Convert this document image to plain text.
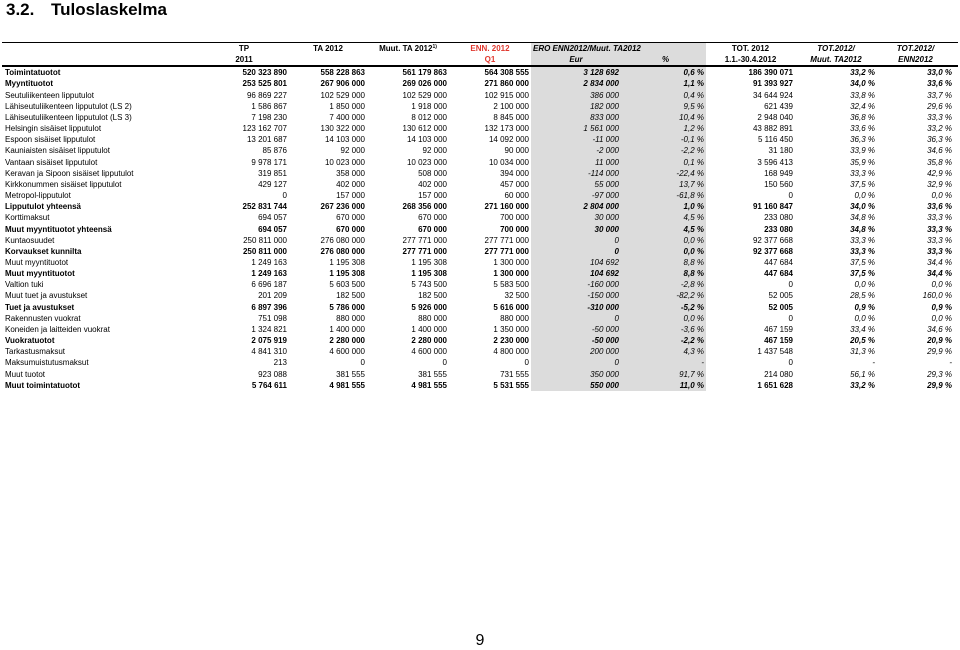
3.2. Tuloslaskelma
	TP	TA 2012	Muut. TA 2012$^{1)}$	ENN. 2012	ERO ENN2012/Muut. TA2012		TOT. 2012	TOT.2012/	TOT.2012/
	2011			Q1	Eur	%	1.1.-30.4.2012	Muut. TA2012	ENN2012
Toimintatuotot	520 323 890	558 228 863	561 179 863	564 308 555	3 128 692	0,6 %	186 390 071	33,2 %	33,0 %
Myyntituotot	253 525 801	267 906 000	269 026 000	271 860 000	2 834 000	1,1 %	91 393 927	34,0 %	33,6 %
Seutuliikenteen lipputulot	96 869 227	102 529 000	102 529 000	102 915 000	386 000	0,4 %	34 644 924	33,8 %	33,7 %
Lähiseutuliikenteen lipputulot (LS 2)	1 586 867	1 850 000	1 918 000	2 100 000	182 000	9,5 %	621 439	32,4 %	29,6 %
Lähiseutuliikenteen lipputulot (LS 3)	7 198 230	7 400 000	8 012 000	8 845 000	833 000	10,4 %	2 948 040	36,8 %	33,3 %
Helsingin sisäiset lipputulot	123 162 707	130 322 000	130 612 000	132 173 000	1 561 000	1,2 %	43 882 891	33,6 %	33,2 %
Espoon sisäiset lipputulot	13 201 687	14 103 000	14 103 000	14 092 000	-11 000	-0,1 %	5 116 450	36,3 %	36,3 %
Kauniaisten sisäiset lipputulot	85 876	92 000	92 000	90 000	-2 000	-2,2 %	31 180	33,9 %	34,6 %
Vantaan sisäiset lipputulot	9 978 171	10 023 000	10 023 000	10 034 000	11 000	0,1 %	3 596 413	35,9 %	35,8 %
Keravan ja Sipoon sisäiset lipputulot	319 851	358 000	508 000	394 000	-114 000	-22,4 %	168 949	33,3 %	42,9 %
Kirkkonummen sisäiset lipputulot	429 127	402 000	402 000	457 000	55 000	13,7 %	150 560	37,5 %	32,9 %
Metropol-lipputulot	0	157 000	157 000	60 000	-97 000	-61,8 %	0	0,0 %	0,0 %
Lipputulot yhteensä	252 831 744	267 236 000	268 356 000	271 160 000	2 804 000	1,0 %	91 160 847	34,0 %	33,6 %
Korttimaksut	694 057	670 000	670 000	700 000	30 000	4,5 %	233 080	34,8 %	33,3 %
Muut myyntituotot yhteensä	694 057	670 000	670 000	700 000	30 000	4,5 %	233 080	34,8 %	33,3 %
Kuntaosuudet	250 811 000	276 080 000	277 771 000	277 771 000	0	0,0 %	92 377 668	33,3 %	33,3 %
Korvaukset kunnilta	250 811 000	276 080 000	277 771 000	277 771 000	0	0,0 %	92 377 668	33,3 %	33,3 %
Muut myyntituotot	1 249 163	1 195 308	1 195 308	1 300 000	104 692	8,8 %	447 684	37,5 %	34,4 %
Muut myyntituotot	1 249 163	1 195 308	1 195 308	1 300 000	104 692	8,8 %	447 684	37,5 %	34,4 %
Valtion tuki	6 696 187	5 603 500	5 743 500	5 583 500	-160 000	-2,8 %	0	0,0 %	0,0 %
Muut tuet ja avustukset	201 209	182 500	182 500	32 500	-150 000	-82,2 %	52 005	28,5 %	160,0 %
Tuet ja avustukset	6 897 396	5 786 000	5 926 000	5 616 000	-310 000	-5,2 %	52 005	0,9 %	0,9 %
Rakennusten vuokrat	751 098	880 000	880 000	880 000	0	0,0 %	0	0,0 %	0,0 %
Koneiden ja laitteiden vuokrat	1 324 821	1 400 000	1 400 000	1 350 000	-50 000	-3,6 %	467 159	33,4 %	34,6 %
Vuokratuotot	2 075 919	2 280 000	2 280 000	2 230 000	-50 000	-2,2 %	467 159	20,5 %	20,9 %
Tarkastusmaksut	4 841 310	4 600 000	4 600 000	4 800 000	200 000	4,3 %	1 437 548	31,3 %	29,9 %
Maksumuistutusmaksut	213	0	0	0	0	-	0	-	-
Muut tuotot	923 088	381 555	381 555	731 555	350 000	91,7 %	214 080	56,1 %	29,3 %
Muut toimintatuotot	5 764 611	4 981 555	4 981 555	5 531 555	550 000	11,0 %	1 651 628	33,2 %	29,9 %
9
